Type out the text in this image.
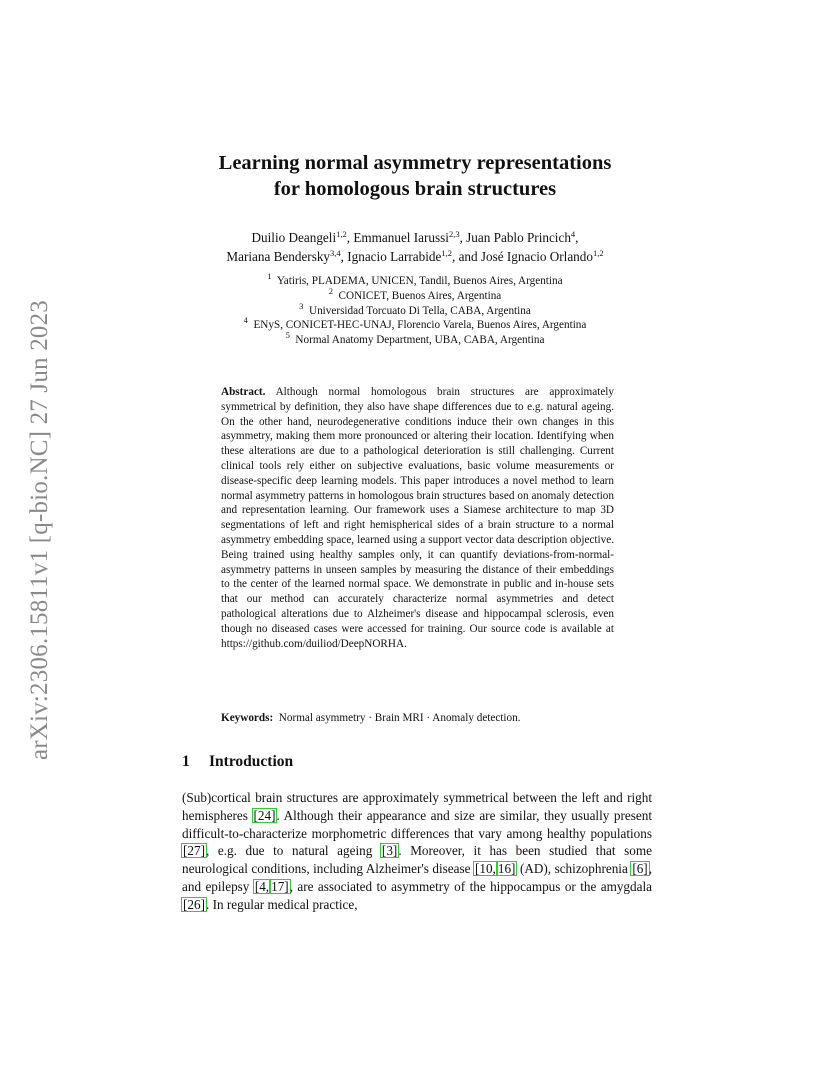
arXiv:2306.15811v1 [q-bio.NC] 27 Jun 2023
Learning normal asymmetry representations
for homologous brain structures
Duilio Deangeli$^{1,2}$, Emmanuel Iarussi$^{2,3}$, Juan Pablo Princich$^4$,
Mariana Bendersky$^{3,4}$, Ignacio Larrabide$^{1,2}$, and José Ignacio Orlando$^{1,2}$
$^1$ Yatiris, PLADEMA, UNICEN, Tandil, Buenos Aires, Argentina
$^2$ CONICET, Buenos Aires, Argentina
$^3$ Universidad Torcuato Di Tella, CABA, Argentina
$^4$ ENyS, CONICET-HEC-UNAJ, Florencio Varela, Buenos Aires, Argentina
$^5$ Normal Anatomy Department, UBA, CABA, Argentina

Abstract. Although normal homologous brain structures are approximately symmetrical by definition, they also have shape differences due to e.g. natural ageing. On the other hand, neurodegenerative conditions induce their own changes in this asymmetry, making them more pronounced or altering their location. Identifying when these alterations are due to a pathological deterioration is still challenging. Current clinical tools rely either on subjective evaluations, basic volume measurements or disease-specific deep learning models. This paper introduces a novel method to learn normal asymmetry patterns in homologous brain structures based on anomaly detection and representation learning. Our framework uses a Siamese architecture to map 3D segmentations of left and right hemispherical sides of a brain structure to a normal asymmetry embedding space, learned using a support vector data description objective. Being trained using healthy samples only, it can quantify deviations-from-normal-asymmetry patterns in unseen samples by measuring the distance of their embeddings to the center of the learned normal space. We demonstrate in public and in-house sets that our method can accurately characterize normal asymmetries and detect pathological alterations due to Alzheimer's disease and hippocampal sclerosis, even though no diseased cases were accessed for training. Our source code is available at https://github.com/duiliod/DeepNORHA.

Keywords: Normal asymmetry · Brain MRI · Anomaly detection.
1 Introduction

(Sub)cortical brain structures are approximately symmetrical between the left and right hemispheres [24]. Although their appearance and size are similar, they usually present difficult-to-characterize morphometric differences that vary among healthy populations [27], e.g. due to natural ageing [3]. Moreover, it has been studied that some neurological conditions, including Alzheimer's disease [10, 16] (AD), schizophrenia [6], and epilepsy [4, 17], are associated to asymmetry of the hippocampus or the amygdala [26]. In regular medical practice,
